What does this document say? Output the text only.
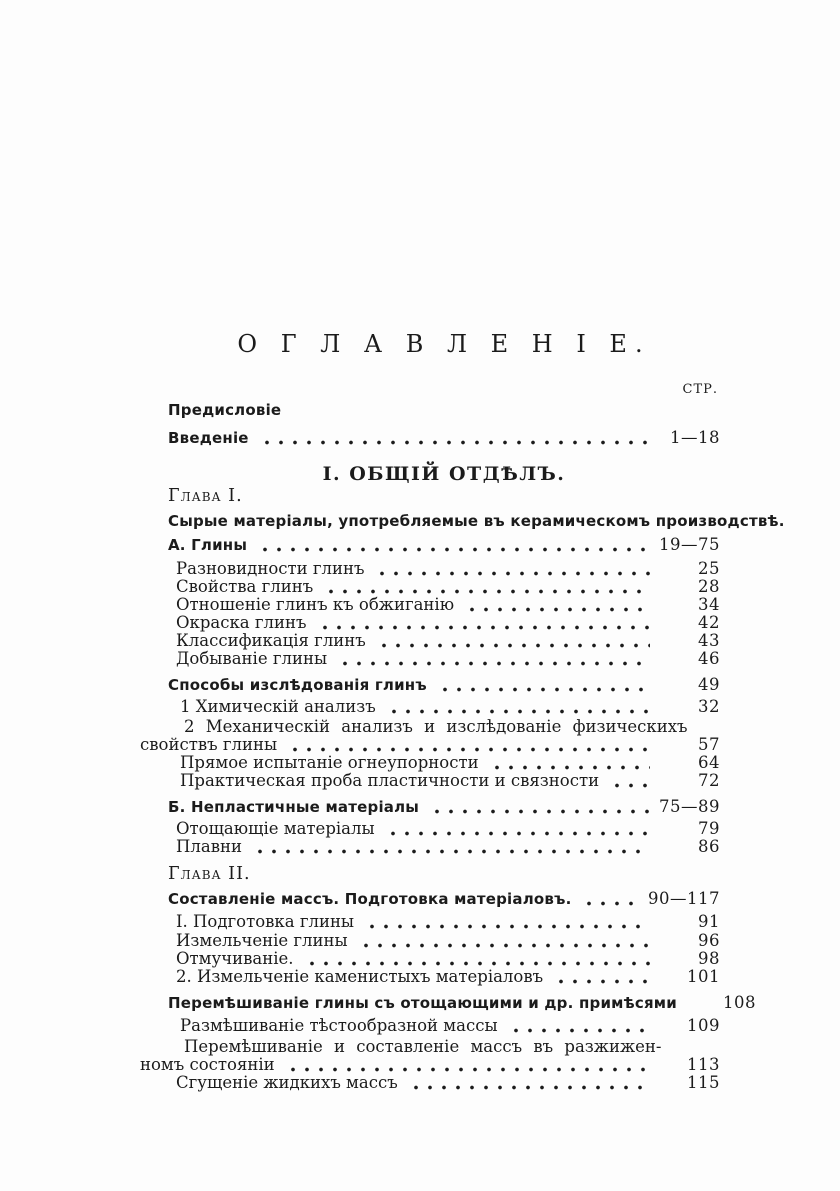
О Г Л А В Л Е Н І Е.
СТР.
Предисловіе
Введеніе	1—18
I. ОБЩІЙ ОТДѢЛЪ.
Глава I.
Сырые матеріалы, употребляемые въ керамическомъ производствѣ.
А. Глины	19—75
Разновидности глинъ	25
Свойства глинъ	28
Отношеніе глинъ къ обжиганію	34
Окраска глинъ	42
Классификація глинъ	43
Добываніе глины	46
Способы изслѣдованія глинъ	49
1 Химическій анализъ	32
2 Механическій анализъ и изслѣдованіе физическихъ
свойствъ глины	57
Прямое испытаніе огнеупорности	64
Практическая проба пластичности и связности	72
Б. Непластичные матеріалы	75—89
Отощающіе матеріалы	79
Плавни	86
Глава II.
Составленіе массъ. Подготовка матеріаловъ.	90—117
I. Подготовка глины	91
Измельченіе глины	96
Отмучиваніе.	98
2. Измельченіе каменистыхъ матеріаловъ	101
Перемѣшиваніе глины съ отощающими и др. примѣсями	108
Размѣшиваніе тѣстообразной массы	109
Перемѣшиваніе и составленіе массъ въ разжижен-
номъ состояніи	113
Сгущеніе жидкихъ массъ	115
